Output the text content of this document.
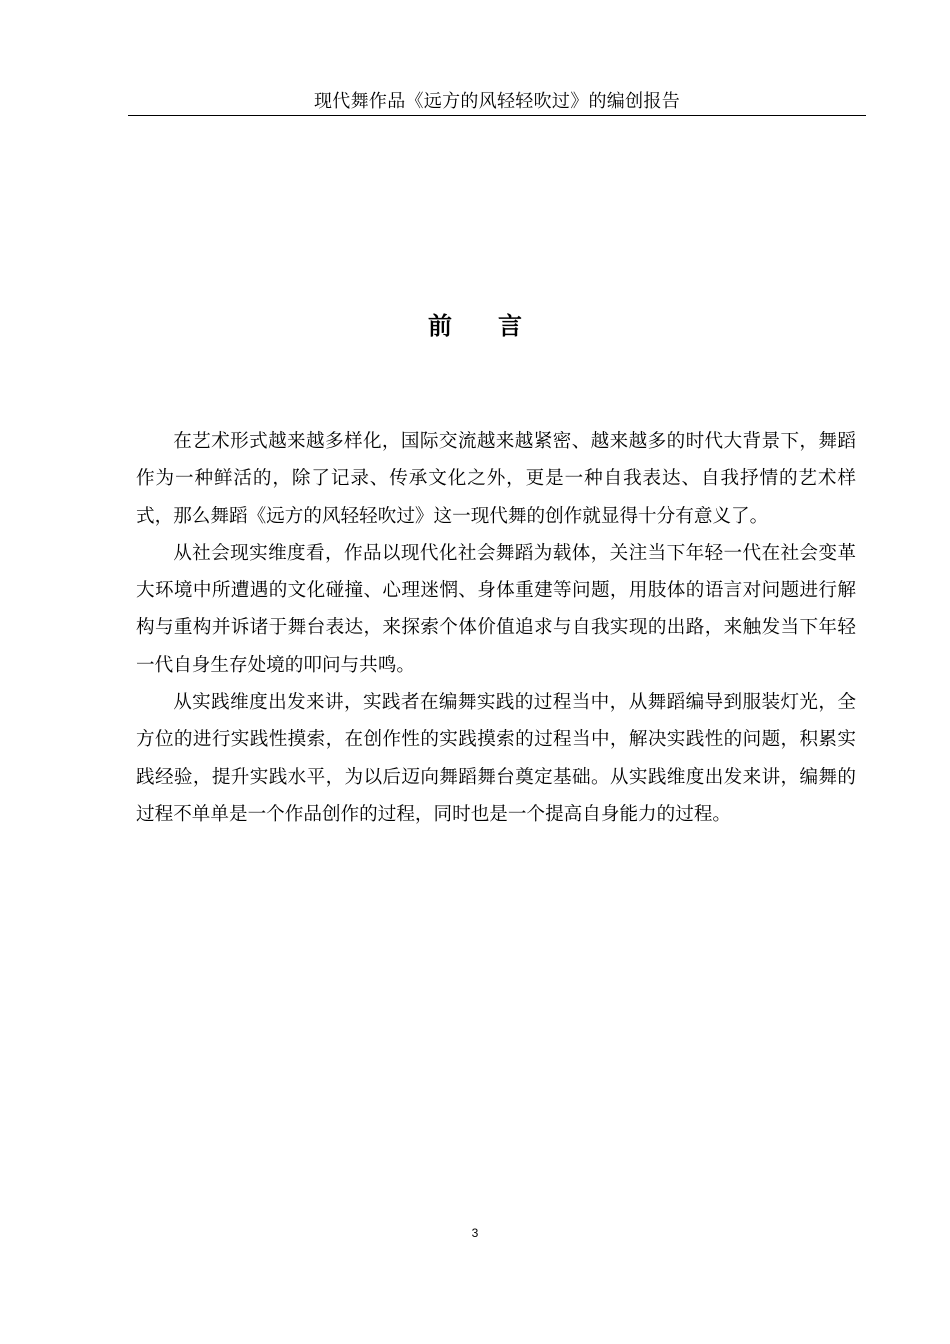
现代舞作品《远方的风轻轻吹过》的编创报告
前 言

在艺术形式越来越多样化，国际交流越来越紧密、越来越多的时代大背景下，舞蹈作为一种鲜活的，除了记录、传承文化之外，更是一种自我表达、自我抒情的艺术样式，那么舞蹈《远方的风轻轻吹过》这一现代舞的创作就显得十分有意义了。

从社会现实维度看，作品以现代化社会舞蹈为载体，关注当下年轻一代在社会变革大环境中所遭遇的文化碰撞、心理迷惘、身体重建等问题，用肢体的语言对问题进行解构与重构并诉诸于舞台表达，来探索个体价值追求与自我实现的出路，来触发当下年轻一代自身生存处境的叩问与共鸣。

从实践维度出发来讲，实践者在编舞实践的过程当中，从舞蹈编导到服装灯光，全方位的进行实践性摸索，在创作性的实践摸索的过程当中，解决实践性的问题，积累实践经验，提升实践水平，为以后迈向舞蹈舞台奠定基础。从实践维度出发来讲，编舞的过程不单单是一个作品创作的过程，同时也是一个提高自身能力的过程。

3
